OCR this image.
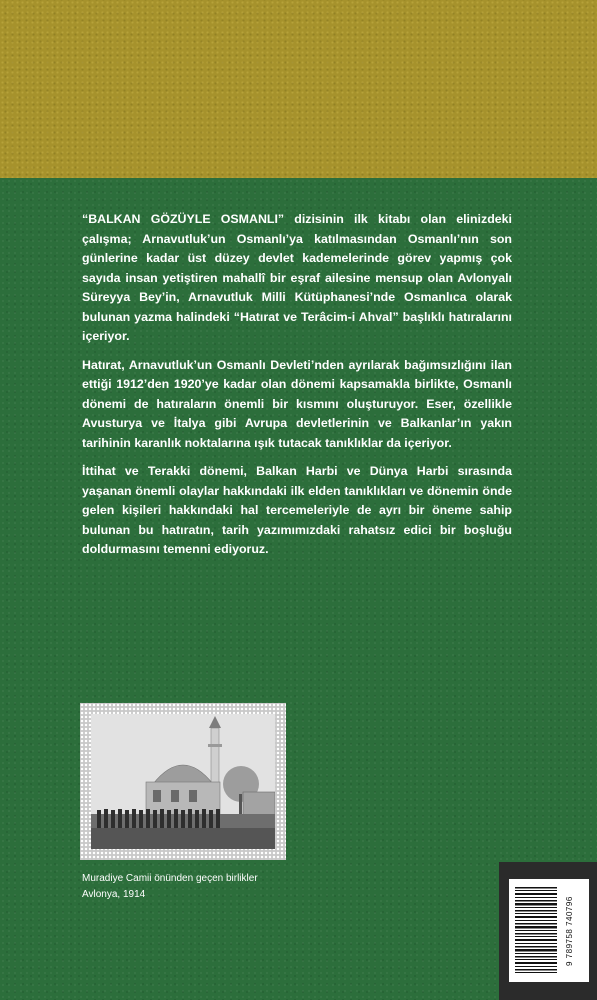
“BALKAN GÖZÜYLE OSMANLI” dizisinin ilk kitabı olan elinizdeki çalışma; Arnavutluk’un Osmanlı’ya katılmasından Osmanlı’nın son günlerine kadar üst düzey devlet kademelerinde görev yapmış çok sayıda insan yetiştiren mahallî bir eşraf ailesine mensup olan Avlonyalı Süreyya Bey’in, Arnavutluk Milli Kütüphanesi’nde Osmanlıca olarak bulunan yazma halindeki “Hatırat ve Terâcim-i Ahval” başlıklı hatıralarını içeriyor.

Hatırat, Arnavutluk’un Osmanlı Devleti’nden ayrılarak bağımsızlığını ilan ettiği 1912’den 1920’ye kadar olan dönemi kapsamakla birlikte, Osmanlı dönemi de hatıraların önemli bir kısmını oluşturuyor. Eser, özellikle Avusturya ve İtalya gibi Avrupa devletlerinin ve Balkanlar’ın yakın tarihinin karanlık noktalarına ışık tutacak tanıklıklar da içeriyor.

İttihat ve Terakki dönemi, Balkan Harbi ve Dünya Harbi sırasında yaşanan önemli olaylar hakkındaki ilk elden tanıklıkları ve dönemin önde gelen kişileri hakkındaki hal tercemeleriyle de ayrı bir öneme sahip bulunan bu hatıratın, tarih yazımımızdaki rahatsız edici bir boşluğu doldurmasını temenni ediyoruz.

Muradiye Camii önünden geçen birlikler
Avlonya, 1914
9 789758 740796
